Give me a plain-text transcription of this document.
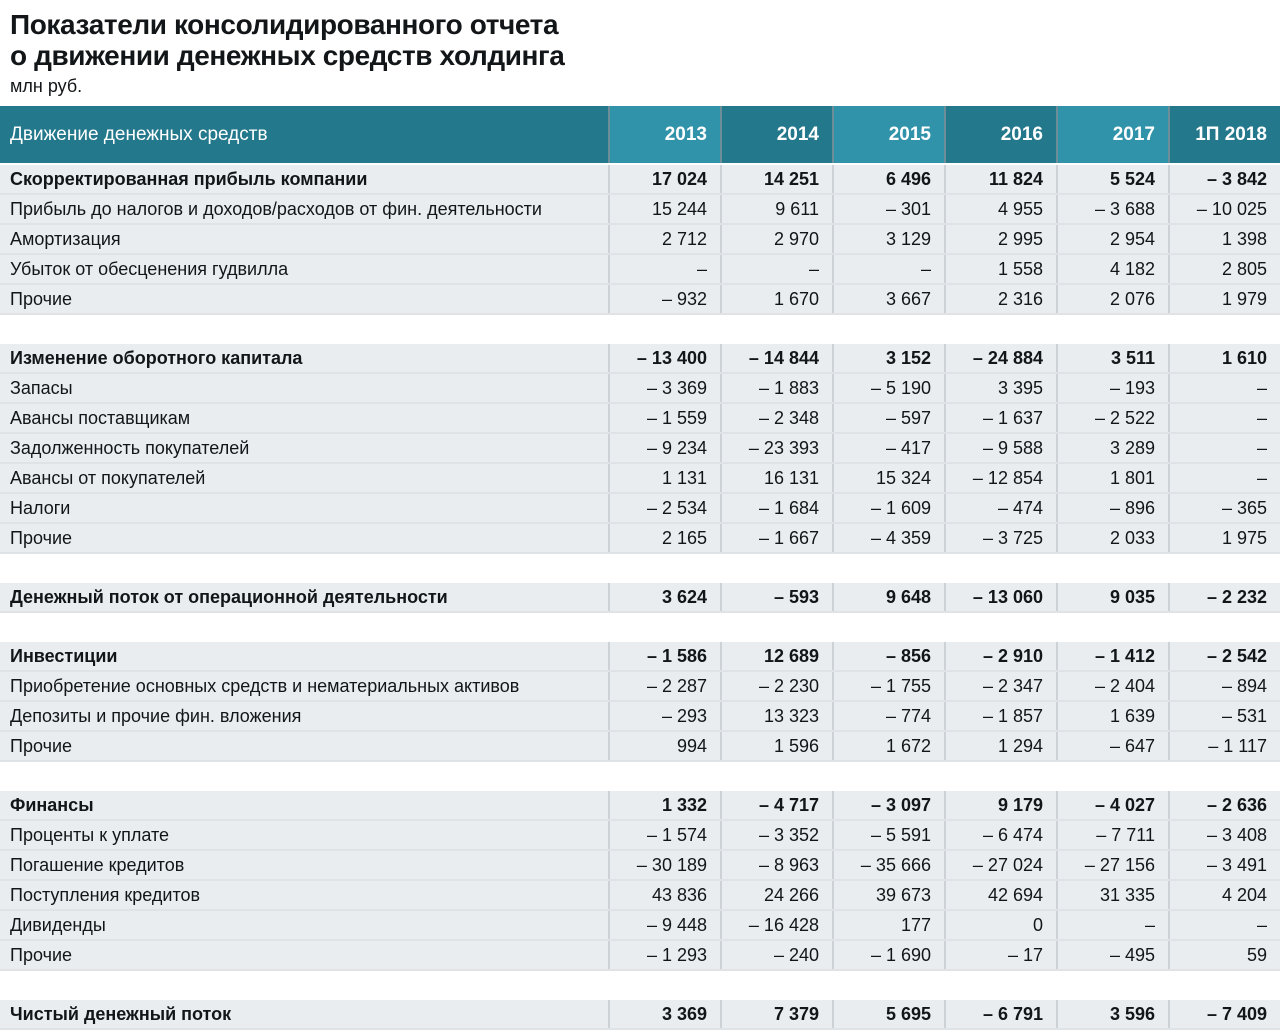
Показатели консолидированного отчета
о движении денежных средств холдинга
млн руб.
Движение денежных средств	2013	2014	2015	2016	2017	1П 2018
Скорректированная прибыль компании	17 024	14 251	6 496	11 824	5 524	– 3 842
Прибыль до налогов и доходов/расходов от фин. деятельности	15 244	9 611	– 301	4 955	– 3 688	– 10 025
Амортизация	2 712	2 970	3 129	2 995	2 954	1 398
Убыток от обесценения гудвилла	–	–	–	1 558	4 182	2 805
Прочие	– 932	1 670	3 667	2 316	2 076	1 979
Изменение оборотного капитала	– 13 400	– 14 844	3 152	– 24 884	3 511	1 610
Запасы	– 3 369	– 1 883	– 5 190	3 395	– 193	–
Авансы поставщикам	– 1 559	– 2 348	– 597	– 1 637	– 2 522	–
Задолженность покупателей	– 9 234	– 23 393	– 417	– 9 588	3 289	–
Авансы от покупателей	1 131	16 131	15 324	– 12 854	1 801	–
Налоги	– 2 534	– 1 684	– 1 609	– 474	– 896	– 365
Прочие	2 165	– 1 667	– 4 359	– 3 725	2 033	1 975
Денежный поток от операционной деятельности	3 624	– 593	9 648	– 13 060	9 035	– 2 232
Инвестиции	– 1 586	12 689	– 856	– 2 910	– 1 412	– 2 542
Приобретение основных средств и нематериальных активов	– 2 287	– 2 230	– 1 755	– 2 347	– 2 404	– 894
Депозиты и прочие фин. вложения	– 293	13 323	– 774	– 1 857	1 639	– 531
Прочие	994	1 596	1 672	1 294	– 647	– 1 117
Финансы	1 332	– 4 717	– 3 097	9 179	– 4 027	– 2 636
Проценты к уплате	– 1 574	– 3 352	– 5 591	– 6 474	– 7 711	– 3 408
Погашение кредитов	– 30 189	– 8 963	– 35 666	– 27 024	– 27 156	– 3 491
Поступления кредитов	43 836	24 266	39 673	42 694	31 335	4 204
Дивиденды	– 9 448	– 16 428	177	0	–	–
Прочие	– 1 293	– 240	– 1 690	– 17	– 495	59
Чистый денежный поток	3 369	7 379	5 695	– 6 791	3 596	– 7 409
